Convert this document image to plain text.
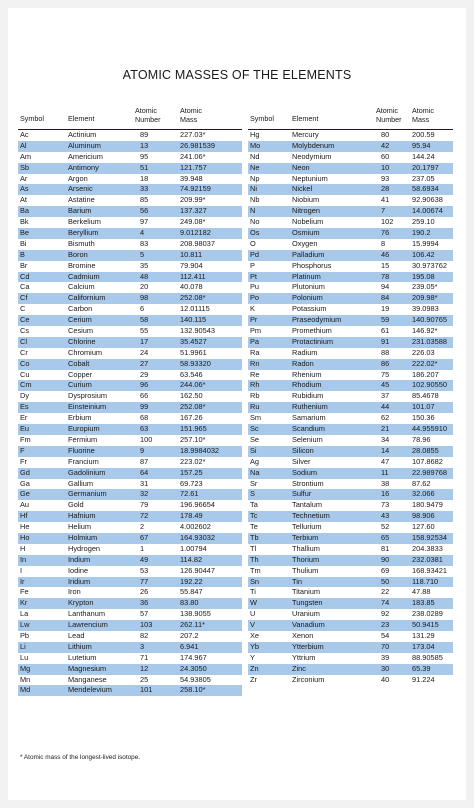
ATOMIC MASSES OF THE ELEMENTS
Symbol	Element
Atomic
Number
Atomic
Mass
Ac	Actinium	89	227.03*
Al	Aluminum	13	26.981539
Am	Americium	95	241.06*
Sb	Antimony	51	121.757
Ar	Argon	18	39.948
As	Arsenic	33	74.92159
At	Astatine	85	209.99*
Ba	Barium	56	137.327
Bk	Berkelium	97	249.08*
Be	Beryllium	4	9.012182
Bi	Bismuth	83	208.98037
B	Boron	5	10.811
Br	Bromine	35	79.904
Cd	Cadmium	48	112.411
Ca	Calcium	20	40.078
Cf	Californium	98	252.08*
C	Carbon	6	12.01115
Ce	Cerium	58	140.115
Cs	Cesium	55	132.90543
Cl	Chlorine	17	35.4527
Cr	Chromium	24	51.9961
Co	Cobalt	27	58.93320
Cu	Copper	29	63.546
Cm	Curium	96	244.06*
Dy	Dysprosium	66	162.50
Es	Einsteinium	99	252.08*
Er	Erbium	68	167.26
Eu	Europium	63	151.965
Fm	Fermium	100	257.10*
F	Fluorine	9	18.9984032
Fr	Francium	87	223.02*
Gd	Gadolinium	64	157.25
Ga	Gallium	31	69.723
Ge	Germanium	32	72.61
Au	Gold	79	196.96654
Hf	Hafnium	72	178.49
He	Helium	2	4.002602
Ho	Holmium	67	164.93032
H	Hydrogen	1	1.00794
In	Indium	49	114.82
I	Iodine	53	126.90447
Ir	Iridium	77	192.22
Fe	Iron	26	55.847
Kr	Krypton	36	83.80
La	Lanthanum	57	138.9055
Lw	Lawrencium	103	262.11*
Pb	Lead	82	207.2
Li	Lithium	3	6.941
Lu	Lutetium	71	174.967
Mg	Magnesium	12	24.3050
Mn	Manganese	25	54.93805
Md	Mendelevium	101	258.10*
Symbol	Element
Atomic
Number
Atomic
Mass
Hg	Mercury	80	200.59
Mo	Molybdenum	42	95.94
Nd	Neodymium	60	144.24
Ne	Neon	10	20.1797
Np	Neptunium	93	237.05
Ni	Nickel	28	58.6934
Nb	Niobium	41	92.90638
N	Nitrogen	7	14.00674
No	Nobelium	102	259.10
Os	Osmium	76	190.2
O	Oxygen	8	15.9994
Pd	Palladium	46	106.42
P	Phosphorus	15	30.973762
Pt	Platinum	78	195.08
Pu	Plutonium	94	239.05*
Po	Polonium	84	209.98*
K	Potassium	19	39.0983
Pr	Praseodymium	59	140.90765
Pm	Promethium	61	146.92*
Pa	Protactinium	91	231.03588
Ra	Radium	88	226.03
Rn	Radon	86	222.02*
Re	Rhenium	75	186.207
Rh	Rhodium	45	102.90550
Rb	Rubidium	37	85.4678
Ru	Ruthenium	44	101.07
Sm	Samarium	62	150.36
Sc	Scandium	21	44.955910
Se	Selenium	34	78.96
Si	Silicon	14	28.0855
Ag	Silver	47	107.8682
Na	Sodium	11	22.989768
Sr	Strontium	38	87.62
S	Sulfur	16	32.066
Ta	Tantalum	73	180.9479
Tc	Technetium	43	98.906
Te	Tellurium	52	127.60
Tb	Terbium	65	158.92534
Tl	Thallium	81	204.3833
Th	Thorium	90	232.0381
Tm	Thulium	69	168.93421
Sn	Tin	50	118.710
Ti	Titanium	22	47.88
W	Tungsten	74	183.85
U	Uranium	92	238.0289
V	Vanadium	23	50.9415
Xe	Xenon	54	131.29
Yb	Ytterbium	70	173.04
Y	Yttrium	39	88.90585
Zn	Zinc	30	65.39
Zr	Zirconium	40	91.224
* Atomic mass of the longest-lived isotope.
